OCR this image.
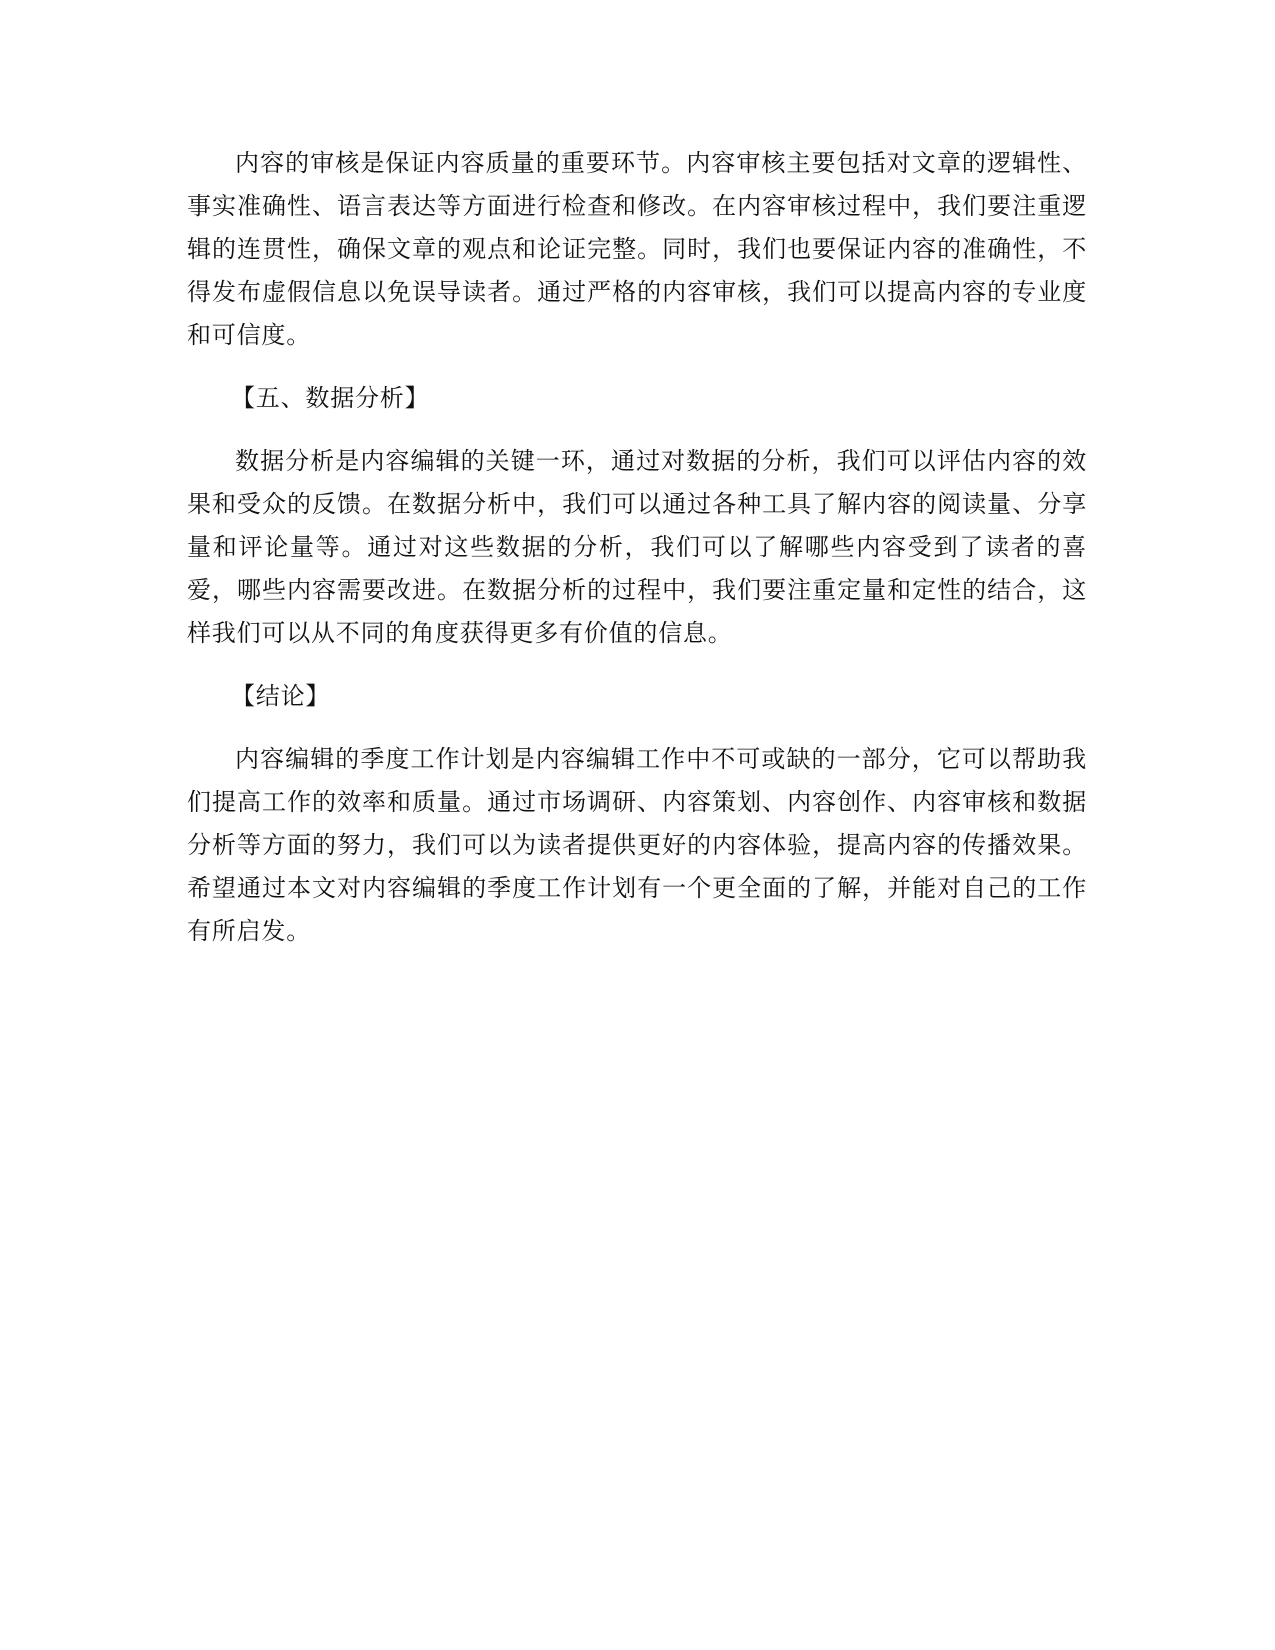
内容的审核是保证内容质量的重要环节。内容审核主要包括对文章的逻辑性、事实准确性、语言表达等方面进行检查和修改。在内容审核过程中，我们要注重逻辑的连贯性，确保文章的观点和论证完整。同时，我们也要保证内容的准确性，不得发布虚假信息以免误导读者。通过严格的内容审核，我们可以提高内容的专业度和可信度。

【五、数据分析】

数据分析是内容编辑的关键一环，通过对数据的分析，我们可以评估内容的效果和受众的反馈。在数据分析中，我们可以通过各种工具了解内容的阅读量、分享量和评论量等。通过对这些数据的分析，我们可以了解哪些内容受到了读者的喜爱，哪些内容需要改进。在数据分析的过程中，我们要注重定量和定性的结合，这样我们可以从不同的角度获得更多有价值的信息。

【结论】

内容编辑的季度工作计划是内容编辑工作中不可或缺的一部分，它可以帮助我们提高工作的效率和质量。通过市场调研、内容策划、内容创作、内容审核和数据分析等方面的努力，我们可以为读者提供更好的内容体验，提高内容的传播效果。希望通过本文对内容编辑的季度工作计划有一个更全面的了解，并能对自己的工作有所启发。
